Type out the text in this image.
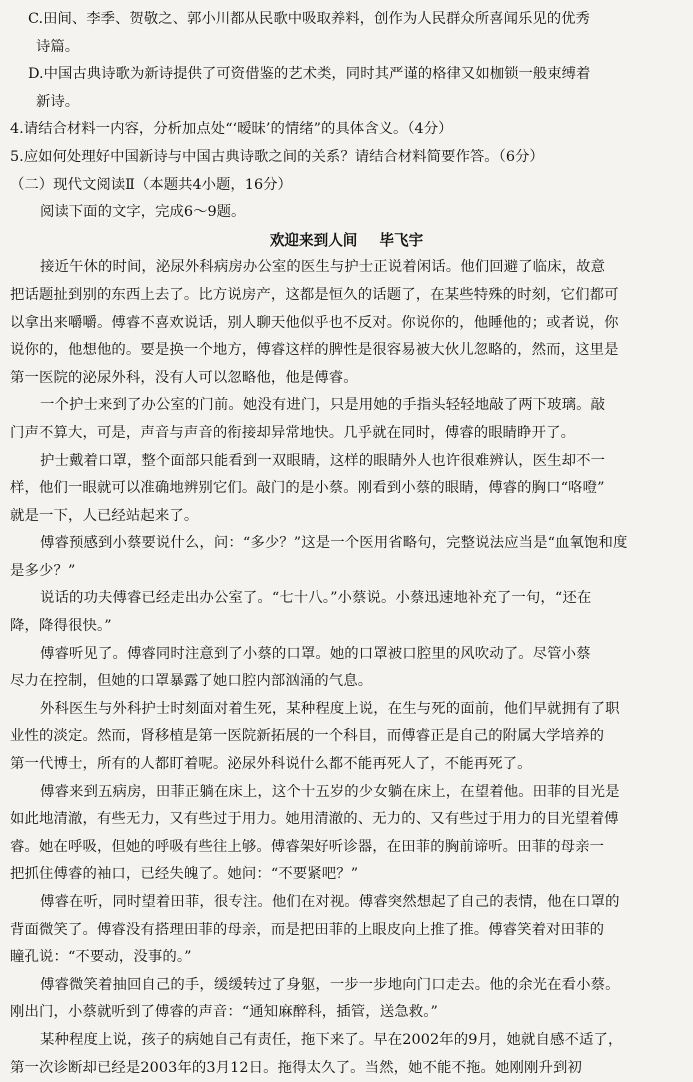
C.田间、李季、贺敬之、郭小川都从民歌中吸取养料，创作为人民群众所喜闻乐见的优秀
诗篇。
D.中国古典诗歌为新诗提供了可资借鉴的艺术类，同时其严谨的格律又如枷锁一般束缚着
新诗。
4.请结合材料一内容，分析加点处“‘暧昧’的情绪”的具体含义。（4分）
5.应如何处理好中国新诗与中国古典诗歌之间的关系？请结合材料简要作答。（6分）
（二）现代文阅读Ⅱ（本题共4小题，16分）
阅读下面的文字，完成6～9题。
欢迎来到人间 毕飞宇
接近午休的时间，泌尿外科病房办公室的医生与护士正说着闲话。他们回避了临床，故意
把话题扯到别的东西上去了。比方说房产，这都是恒久的话题了，在某些特殊的时刻，它们都可
以拿出来嚼嚼。傅睿不喜欢说话，别人聊天他似乎也不反对。你说你的，他睡他的；或者说，你
说你的，他想他的。要是换一个地方，傅睿这样的脾性是很容易被大伙儿忽略的，然而，这里是
第一医院的泌尿外科，没有人可以忽略他，他是傅睿。
一个护士来到了办公室的门前。她没有进门，只是用她的手指头轻轻地敲了两下玻璃。敲
门声不算大，可是，声音与声音的衔接却异常地快。几乎就在同时，傅睿的眼睛睁开了。
护士戴着口罩，整个面部只能看到一双眼睛，这样的眼睛外人也许很难辨认，医生却不一
样，他们一眼就可以准确地辨别它们。敲门的是小蔡。刚看到小蔡的眼睛，傅睿的胸口“咯噔”
就是一下，人已经站起来了。
傅睿预感到小蔡要说什么，问：“多少？”这是一个医用省略句，完整说法应当是“血氧饱和度
是多少？”
说话的功夫傅睿已经走出办公室了。“七十八。”小蔡说。小蔡迅速地补充了一句，“还在
降，降得很快。”
傅睿听见了。傅睿同时注意到了小蔡的口罩。她的口罩被口腔里的风吹动了。尽管小蔡
尽力在控制，但她的口罩暴露了她口腔内部汹涌的气息。
外科医生与外科护士时刻面对着生死，某种程度上说，在生与死的面前，他们早就拥有了职
业性的淡定。然而，肾移植是第一医院新拓展的一个科目，而傅睿正是自己的附属大学培养的
第一代博士，所有的人都盯着呢。泌尿外科说什么都不能再死人了，不能再死了。
傅睿来到五病房，田菲正躺在床上，这个十五岁的少女躺在床上，在望着他。田菲的目光是
如此地清澈，有些无力，又有些过于用力。她用清澈的、无力的、又有些过于用力的目光望着傅
睿。她在呼吸，但她的呼吸有些往上够。傅睿架好听诊器，在田菲的胸前谛听。田菲的母亲一
把抓住傅睿的袖口，已经失魄了。她问：“不要紧吧？”
傅睿在听，同时望着田菲，很专注。他们在对视。傅睿突然想起了自己的表情，他在口罩的
背面微笑了。傅睿没有搭理田菲的母亲，而是把田菲的上眼皮向上推了推。傅睿笑着对田菲的
瞳孔说：“不要动，没事的。”
傅睿微笑着抽回自己的手，缓缓转过了身躯，一步一步地向门口走去。他的余光在看小蔡。
刚出门，小蔡就听到了傅睿的声音：“通知麻醉科，插管，送急救。”
某种程度上说，孩子的病她自己有责任，拖下来了。早在2002年的9月，她就自感不适了，
第一次诊断却已经是2003年的3月12日。拖得太久了。当然，她不能不拖。她刚刚升到初
